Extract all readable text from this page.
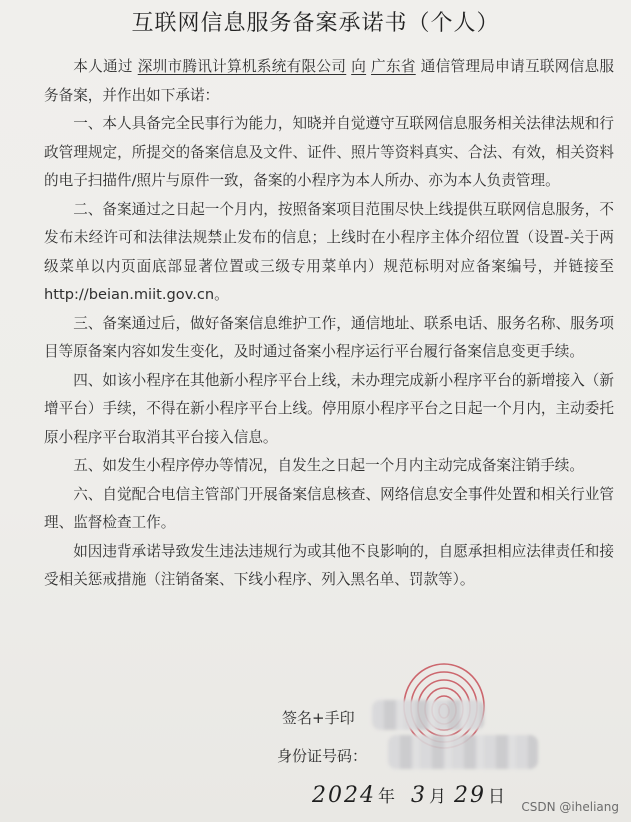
互联网信息服务备案承诺书（个人）

本人通过 深圳市腾讯计算机系统有限公司 向 广东省 通信管理局申请互联网信息服务备案，并作出如下承诺：

一、本人具备完全民事行为能力，知晓并自觉遵守互联网信息服务相关法律法规和行政管理规定，所提交的备案信息及文件、证件、照片等资料真实、合法、有效，相关资料的电子扫描件/照片与原件一致，备案的小程序为本人所办、亦为本人负责管理。

二、备案通过之日起一个月内，按照备案项目范围尽快上线提供互联网信息服务，不发布未经许可和法律法规禁止发布的信息；上线时在小程序主体介绍位置（设置-关于两级菜单以内页面底部显著位置或三级专用菜单内）规范标明对应备案编号，并链接至 http://beian.miit.gov.cn。

三、备案通过后，做好备案信息维护工作，通信地址、联系电话、服务名称、服务项目等原备案内容如发生变化，及时通过备案小程序运行平台履行备案信息变更手续。

四、如该小程序在其他新小程序平台上线，未办理完成新小程序平台的新增接入（新增平台）手续，不得在新小程序平台上线。停用原小程序平台之日起一个月内，主动委托原小程序平台取消其平台接入信息。

五、如发生小程序停办等情况，自发生之日起一个月内主动完成备案注销手续。

六、自觉配合电信主管部门开展备案信息核查、网络信息安全事件处置和相关行业管理、监督检查工作。

如因违背承诺导致发生违法违规行为或其他不良影响的，自愿承担相应法律责任和接受相关惩戒措施（注销备案、下线小程序、列入黑名单、罚款等）。

签名+手印
身份证号码：
2024 年 3 月 29 日 CSDN @iheliang
